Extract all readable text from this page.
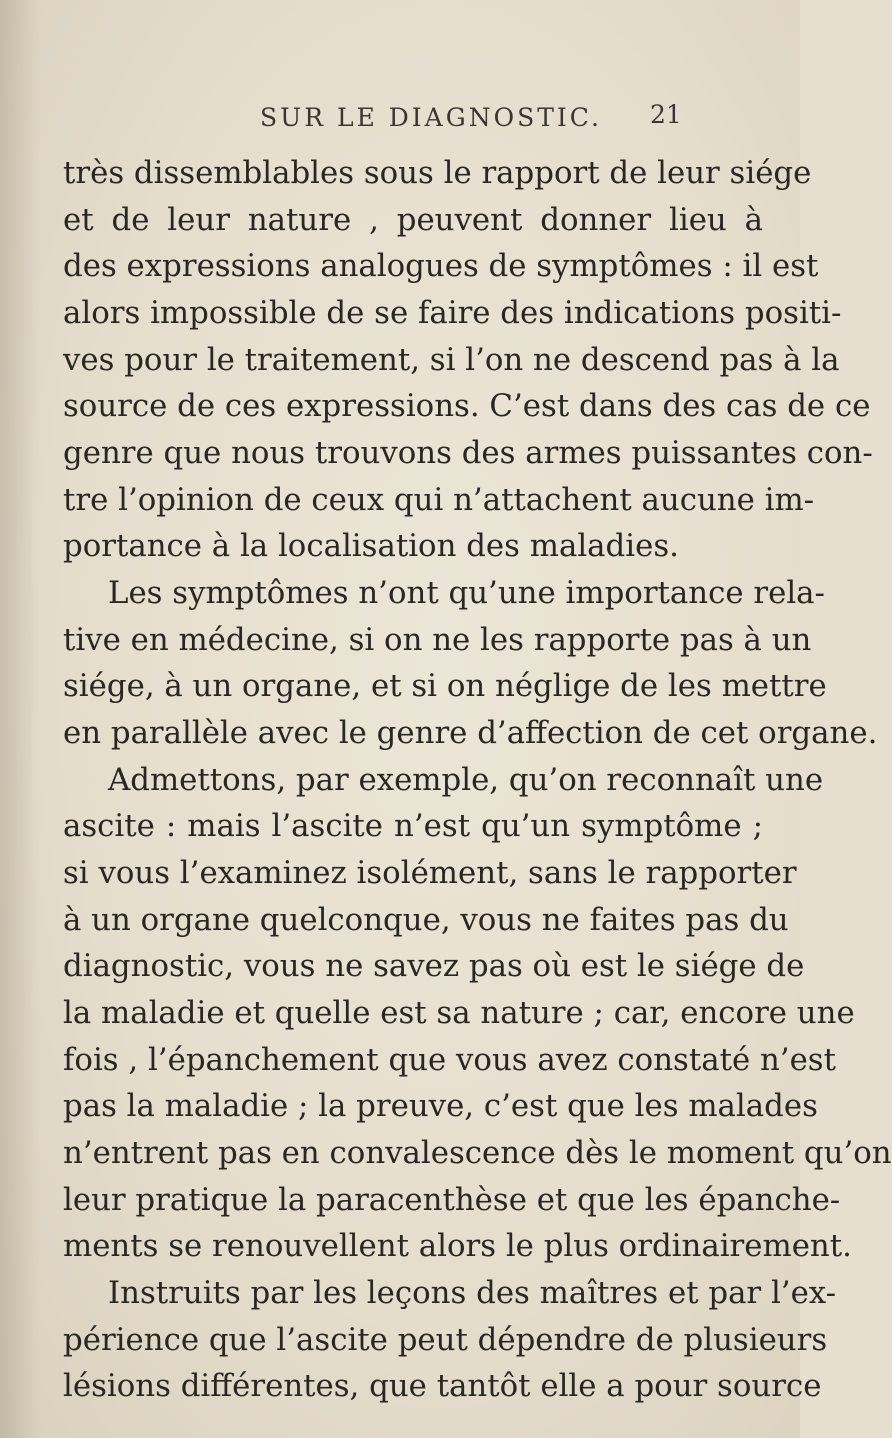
SUR LE DIAGNOSTIC. 21
très dissemblables sous le rapport de leur siége
et de leur nature , peuvent donner lieu à
des expressions analogues de symptômes : il est
alors impossible de se faire des indications positi-
ves pour le traitement, si l’on ne descend pas à la
source de ces expressions. C’est dans des cas de ce
genre que nous trouvons des armes puissantes con-
tre l’opinion de ceux qui n’attachent aucune im-
portance à la localisation des maladies.
Les symptômes n’ont qu’une importance rela-
tive en médecine, si on ne les rapporte pas à un
siége, à un organe, et si on néglige de les mettre
en parallèle avec le genre d’affection de cet organe.
Admettons, par exemple, qu’on reconnaît une
ascite : mais l’ascite n’est qu’un symptôme ;
si vous l’examinez isolément, sans le rapporter
à un organe quelconque, vous ne faites pas du
diagnostic, vous ne savez pas où est le siége de
la maladie et quelle est sa nature ; car, encore une
fois , l’épanchement que vous avez constaté n’est
pas la maladie ; la preuve, c’est que les malades
n’entrent pas en convalescence dès le moment qu’on
leur pratique la paracenthèse et que les épanche-
ments se renouvellent alors le plus ordinairement.
Instruits par les leçons des maîtres et par l’ex-
périence que l’ascite peut dépendre de plusieurs
lésions différentes, que tantôt elle a pour source
